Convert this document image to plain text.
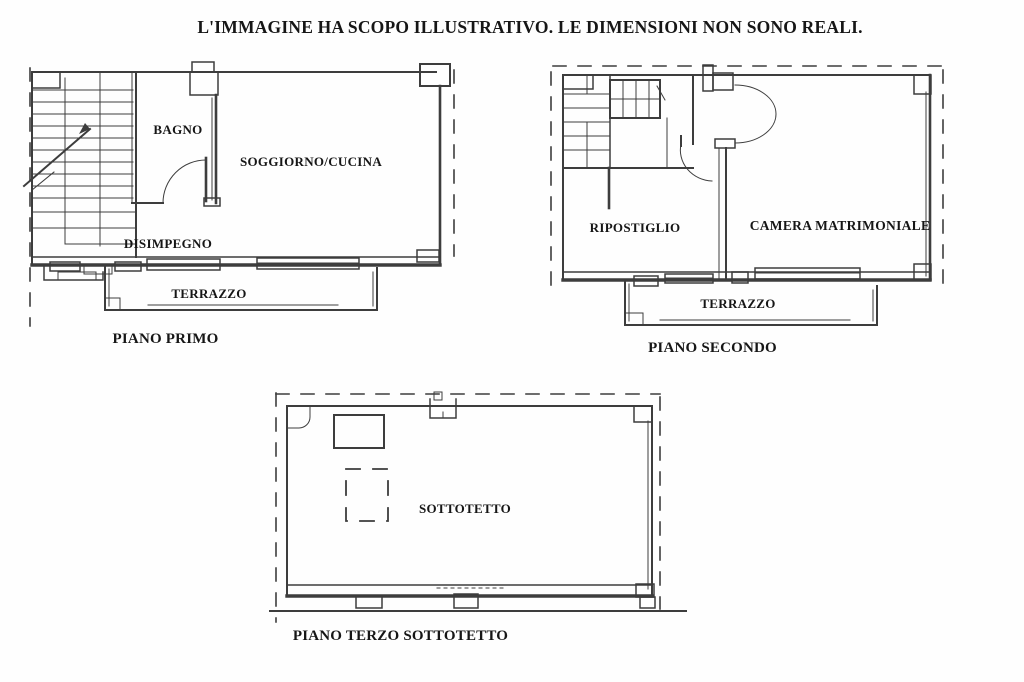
L'IMMAGINE HA SCOPO ILLUSTRATIVO. LE DIMENSIONI NON SONO REALI.
BAGNO
SOGGIORNO/CUCINA
DISIMPEGNO
TERRAZZO
PIANO PRIMO
RIPOSTIGLIO	CAMERA MATRIMONIALE
TERRAZZO
PIANO SECONDO
SOTTOTETTO
PIANO TERZO SOTTOTETTO
